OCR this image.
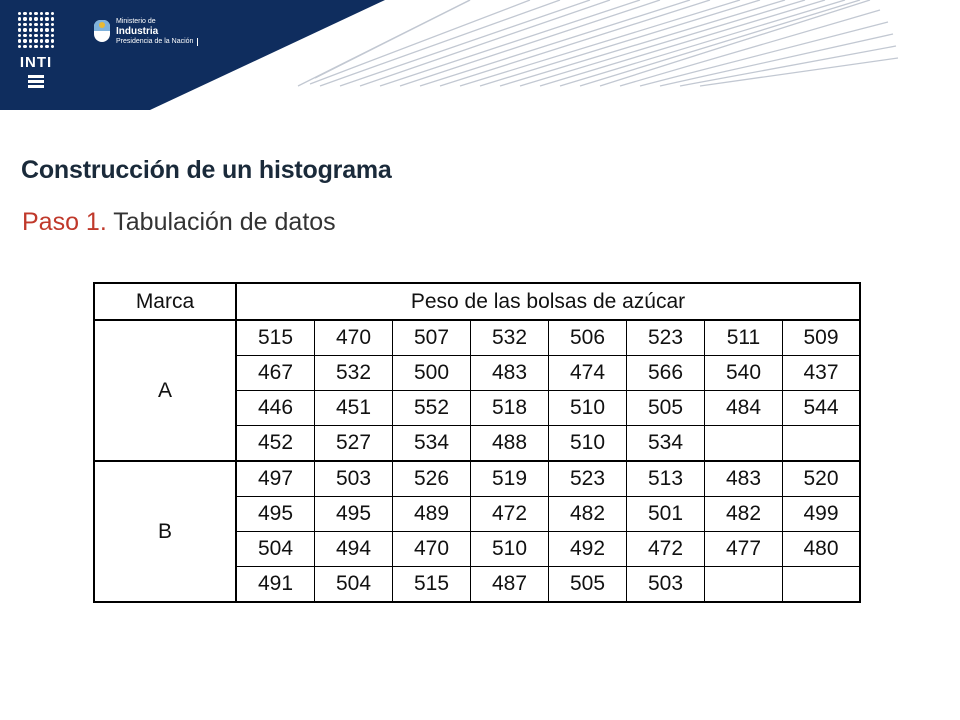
INTI
Ministerio de
Industria
Presidencia de la Nación
Construcción de un histograma
Paso 1. Tabulación de datos
Marca	Peso de las bolsas de azúcar							
A	515	470	507	532	506	523	511	509
	467	532	500	483	474	566	540	437
	446	451	552	518	510	505	484	544
	452	527	534	488	510	534		
B	497	503	526	519	523	513	483	520
	495	495	489	472	482	501	482	499
	504	494	470	510	492	472	477	480
	491	504	515	487	505	503		
